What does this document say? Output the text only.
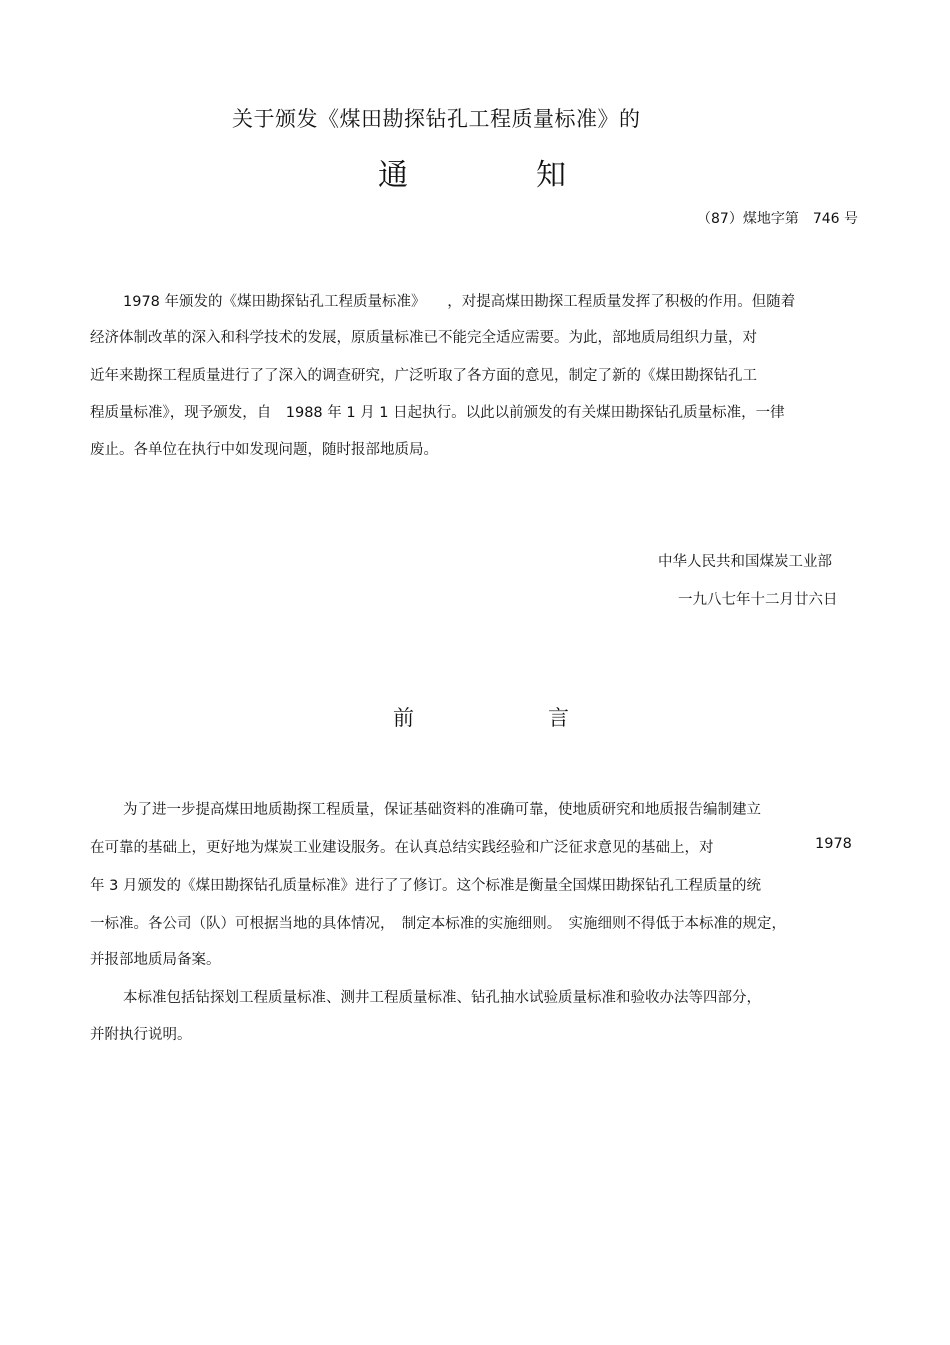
关于颁发《煤田勘探钻孔工程质量标准》的
通	知
（87）煤地字第　746 号
1978 年颁发的《煤田勘探钻孔工程质量标准》　　，对提高煤田勘探工程质量发挥了积极的作用。但随着
经济体制改革的深入和科学技术的发展，原质量标准已不能完全适应需要。为此，部地质局组织力量，对
近年来勘探工程质量进行了了深入的调查研究，广泛听取了各方面的意见，制定了新的《煤田勘探钻孔工
程质量标准》，现予颁发，自　1988 年 1 月 1 日起执行。以此以前颁发的有关煤田勘探钻孔质量标准，一律
废止。各单位在执行中如发现问题，随时报部地质局。
中华人民共和国煤炭工业部
一九八七年十二月廿六日
前	言
为了进一步提高煤田地质勘探工程质量，保证基础资料的准确可靠，使地质研究和地质报告编制建立
在可靠的基础上，更好地为煤炭工业建设服务。在认真总结实践经验和广泛征求意见的基础上，对	1978
年 3 月颁发的《煤田勘探钻孔质量标准》进行了了修订。这个标准是衡量全国煤田勘探钻孔工程质量的统
一标准。各公司（队）可根据当地的具体情况，　制定本标准的实施细则。　实施细则不得低于本标准的规定，
并报部地质局备案。
本标准包括钻探划工程质量标准、测井工程质量标准、钻孔抽水试验质量标准和验收办法等四部分，
并附执行说明。
